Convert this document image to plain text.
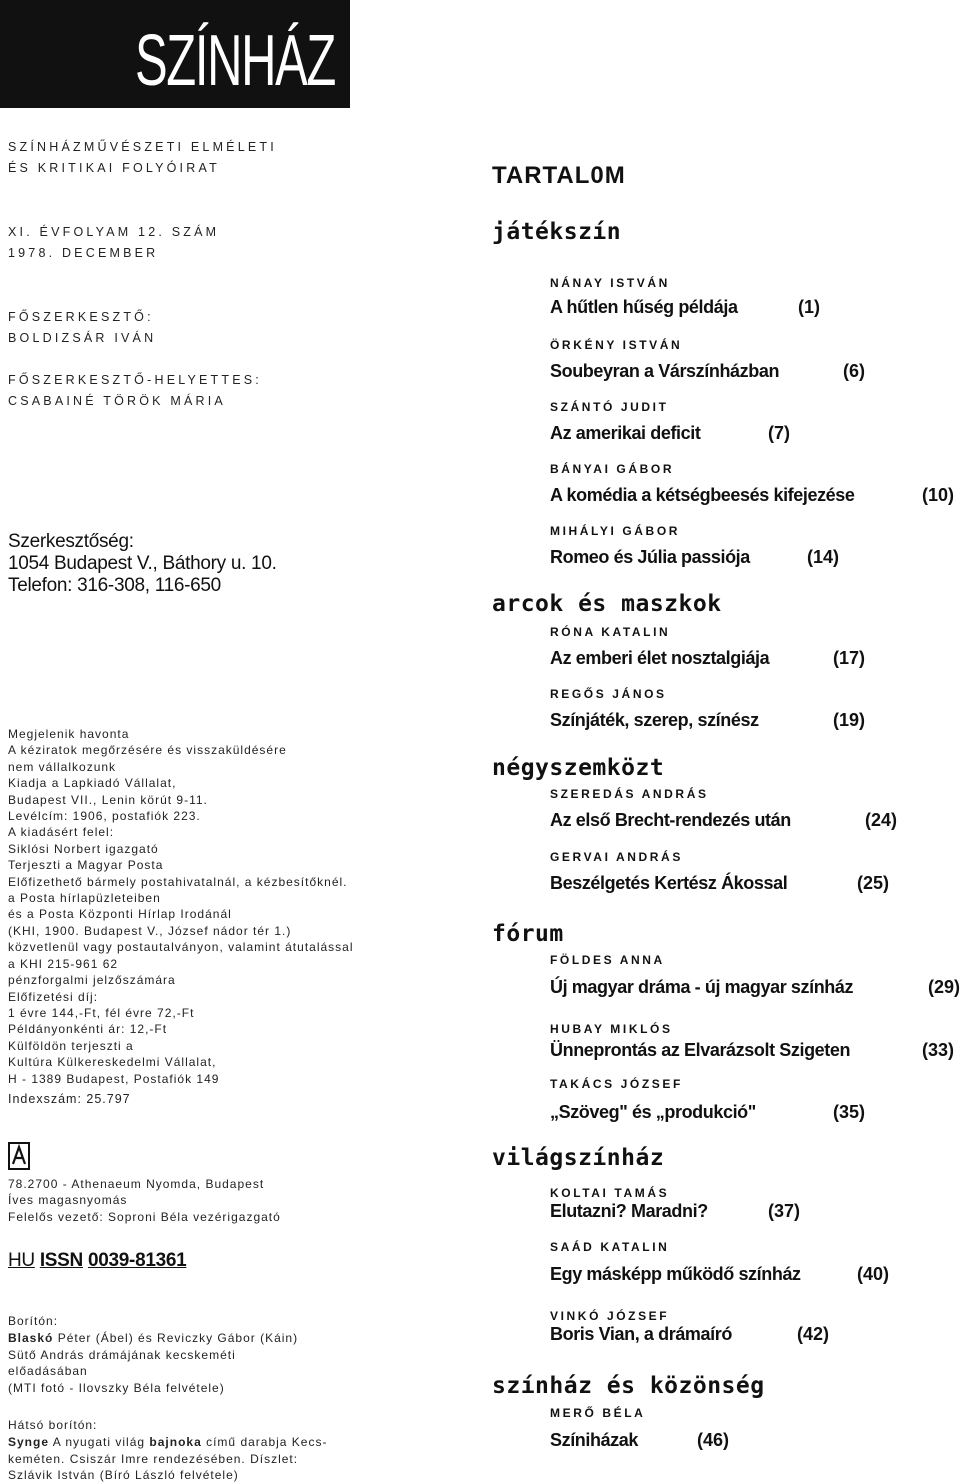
SZÍNHÁZ
SZÍNHÁZMŰVÉSZETI ELMÉLETI
ÉS KRITIKAI FOLYÓIRAT
XI. ÉVFOLYAM 12. SZÁM
1978. DECEMBER
FŐSZERKESZTŐ:
BOLDIZSÁR IVÁN
FŐSZERKESZTŐ-HELYETTES:
CSABAINÉ TÖRÖK MÁRIA
Szerkesztőség:
1054 Budapest V., Báthory u. 10.
Telefon: 316-308, 116-650
Megjelenik havonta
A kéziratok megőrzésére és visszaküldésére
nem vállalkozunk
Kiadja a Lapkiadó Vállalat,
Budapest VII., Lenin körút 9-11.
Levélcím: 1906, postafiók 223.
A kiadásért felel:
Siklósi Norbert igazgató
Terjeszti a Magyar Posta
Előfizethető bármely postahivatalnál, a kézbesítőknél.
a Posta hírlapüzleteiben
és a Posta Központi Hírlap Irodánál
(KHI, 1900. Budapest V., József nádor tér 1.)
közvetlenül vagy postautalványon, valamint átutalással
a KHI 215-961 62
pénzforgalmi jelzőszámára
Előfizetési díj:
1 évre 144,-Ft, fél évre 72,-Ft
Példányonkénti ár: 12,-Ft
Külföldön terjeszti a
Kultúra Külkereskedelmi Vállalat,
H - 1389 Budapest, Postafiók 149
Indexszám: 25.797
78.2700 - Athenaeum Nyomda, Budapest
Íves magasnyomás
Felelős vezető: Soproni Béla vezérigazgató
HU ISSN 0039-81361
Borítón:
Blaskó Péter (Ábel) és Reviczky Gábor (Káin)
Sütő András drámájának kecskeméti
előadásában
(MTI fotó - Ilovszky Béla felvétele)
Hátsó borítón:
Synge A nyugati világ bajnoka című darabja Kecs-
keméten. Csiszár Imre rendezésében. Díszlet:
Szlávik István (Bíró László felvétele)
TARTAL0M
játékszín
NÁNAY ISTVÁN
A hűtlen hűség példája	(1)
ÖRKÉNY ISTVÁN
Soubeyran a Várszínházban	(6)
SZÁNTÓ JUDIT
Az amerikai deficit	(7)
BÁNYAI GÁBOR
A komédia a kétségbeesés kifejezése	(10)
MIHÁLYI GÁBOR
Romeo és Júlia passiója	(14)
arcok és maszkok
RÓNA KATALIN
Az emberi élet nosztalgiája	(17)
REGŐS JÁNOS
Színjáték, szerep, színész	(19)
négyszemközt
SZEREDÁS ANDRÁS
Az első Brecht-rendezés után	(24)
GERVAI ANDRÁS
Beszélgetés Kertész Ákossal	(25)
fórum
FÖLDES ANNA
Új magyar dráma - új magyar színház	(29)
HUBAY MIKLÓS
Ünneprontás az Elvarázsolt Szigeten	(33)
TAKÁCS JÓZSEF
„Szöveg" és „produkció"	(35)
világszínház
KOLTAI TAMÁS
Elutazni? Maradni?	(37)
SAÁD KATALIN
Egy másképp működő színház	(40)
VINKÓ JÓZSEF
Boris Vian, a drámaíró	(42)
színház és közönség
MERŐ BÉLA
Színiházak	(46)
